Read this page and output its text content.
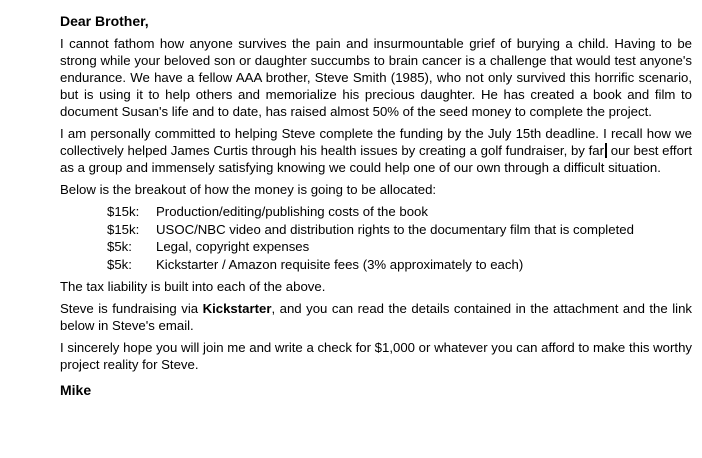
Dear Brother,

I cannot fathom how anyone survives the pain and insurmountable grief of burying a child. Having to be strong while your beloved son or daughter succumbs to brain cancer is a challenge that would test anyone's endurance. We have a fellow AAA brother, Steve Smith (1985), who not only survived this horrific scenario, but is using it to help others and memorialize his precious daughter. He has created a book and film to document Susan's life and to date, has raised almost 50% of the seed money to complete the project.

I am personally committed to helping Steve complete the funding by the July 15th deadline. I recall how we collectively helped James Curtis through his health issues by creating a golf fundraiser, by far our best effort as a group and immensely satisfying knowing we could help one of our own through a difficult situation.

Below is the breakout of how the money is going to be allocated:

$15k:	Production/editing/publishing costs of the book
$15k:	USOC/NBC video and distribution rights to the documentary film that is completed
$5k:	Legal, copyright expenses
$5k:	Kickstarter / Amazon requisite fees (3% approximately to each)

The tax liability is built into each of the above.

Steve is fundraising via Kickstarter, and you can read the details contained in the attachment and the link below in Steve's email.

I sincerely hope you will join me and write a check for $1,000 or whatever you can afford to make this worthy project reality for Steve.

Mike
